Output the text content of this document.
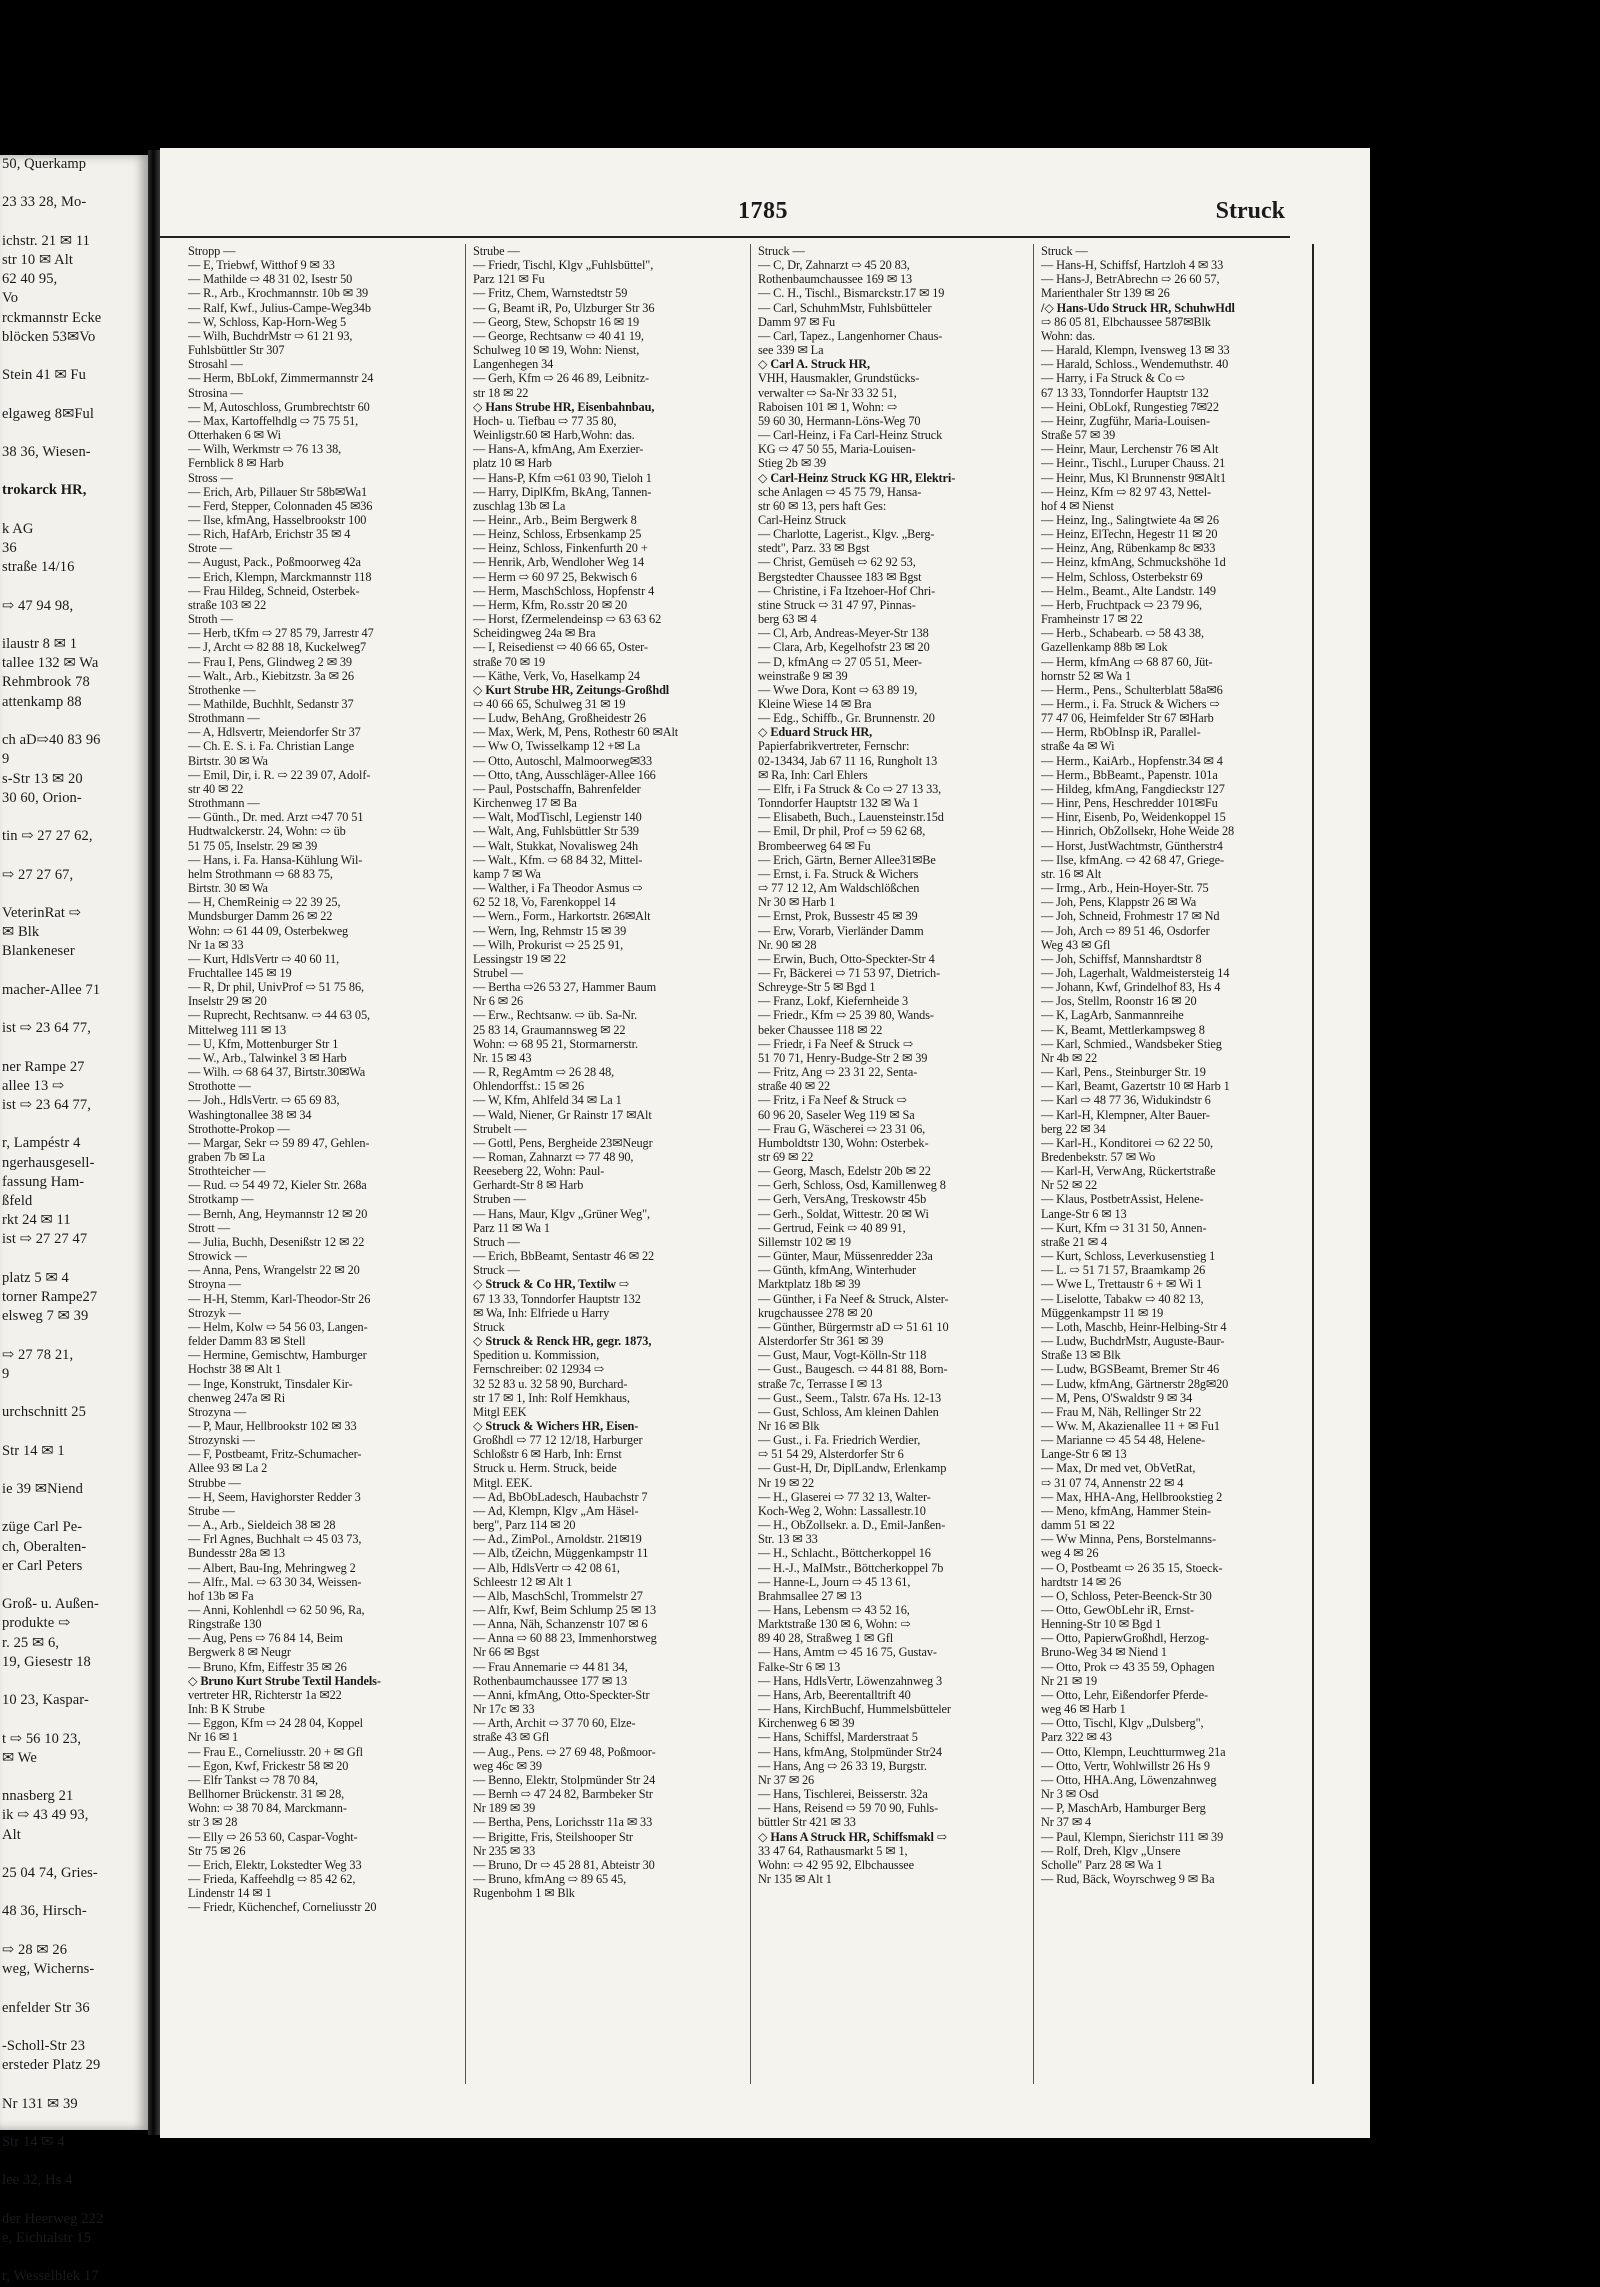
50, Querkamp

23 33 28, Mo-

ichstr. 21 ✉ 11
str 10 ✉ Alt
62 40 95,
Vo
rckmannstr Ecke
blöcken 53✉Vo

Stein 41 ✉ Fu

elgaweg 8✉Ful

38 36, Wiesen-

trokarck HR,

k AG
36
straße 14/16

⇨ 47 94 98,

ilaustr 8 ✉ 1
tallee 132 ✉ Wa
Rehmbrook 78
attenkamp 88

ch aD⇨40 83 96
9
s-Str 13 ✉ 20
30 60, Orion-

tin ⇨ 27 27 62,

⇨ 27 27 67,

VeterinRat ⇨
✉ Blk
Blankeneser

macher-Allee 71

ist ⇨ 23 64 77,

ner Rampe 27
allee 13 ⇨
ist ⇨ 23 64 77,

r, Lampéstr 4
ngerhausgesell-
fassung Ham-
ßfeld
rkt 24 ✉ 11
ist ⇨ 27 27 47

platz 5 ✉ 4
torner Rampe27
elsweg 7 ✉ 39

⇨ 27 78 21,
9

urchschnitt 25

Str 14 ✉ 1

ie 39 ✉Niend

züge Carl Pe-
ch, Oberalten-
er Carl Peters

Groß- u. Außen-
produkte ⇨
r. 25 ✉ 6,
19, Giesestr 18

10 23, Kaspar-

t ⇨ 56 10 23,
✉ We

nnasberg 21
ik ⇨ 43 49 93,
Alt

25 04 74, Gries-

48 36, Hirsch-

⇨ 28 ✉ 26
weg, Wicherns-

enfelder Str 36

-Scholl-Str 23
ersteder Platz 29

Nr 131 ✉ 39

Str 14 ✉ 4

lee 32, Hs 4

der Heerweg 222
e, Eichtalstr 15

r, Wesselblek 17
1785	Struck
Stropp —
— E, Triebwf, Witthof 9 ✉ 33
— Mathilde ⇨ 48 31 02, Isestr 50
— R., Arb., Krochmannstr. 10b ✉ 39
— Ralf, Kwf., Julius-Campe-Weg34b
— W, Schloss, Kap-Horn-Weg 5
— Wilh, BuchdrMstr ⇨ 61 21 93,
Fuhlsbüttler Str 307
Strosahl —
— Herm, BbLokf, Zimmermannstr 24
Strosina —
— M, Autoschloss, Grumbrechtstr 60
— Max, Kartoffelhdlg ⇨ 75 75 51,
Otterhaken 6 ✉ Wi
— Wilh, Werkmstr ⇨ 76 13 38,
Fernblick 8 ✉ Harb
Stross —
— Erich, Arb, Pillauer Str 58b✉Wa1
— Ferd, Stepper, Colonnaden 45 ✉36
— Ilse, kfmAng, Hasselbrookstr 100
— Rich, HafArb, Erichstr 35 ✉ 4
Strote —
— August, Pack., Poßmoorweg 42a
— Erich, Klempn, Marckmannstr 118
— Frau Hildeg, Schneid, Osterbek-
straße 103 ✉ 22
Stroth —
— Herb, tKfm ⇨ 27 85 79, Jarrestr 47
— J, Archt ⇨ 82 88 18, Kuckelweg7
— Frau I, Pens, Glindweg 2 ✉ 39
— Walt., Arb., Kiebitzstr. 3a ✉ 26
Strothenke —
— Mathilde, Buchhlt, Sedanstr 37
Strothmann —
— A, Hdlsvertr, Meiendorfer Str 37
— Ch. E. S. i. Fa. Christian Lange
Birtstr. 30 ✉ Wa
— Emil, Dir, i. R. ⇨ 22 39 07, Adolf-
str 40 ✉ 22
Strothmann —
— Günth., Dr. med. Arzt ⇨47 70 51
Hudtwalckerstr. 24, Wohn: ⇨ üb
51 75 05, Inselstr. 29 ✉ 39
— Hans, i. Fa. Hansa-Kühlung Wil-
helm Strothmann ⇨ 68 83 75,
Birtstr. 30 ✉ Wa
— H, ChemReinig ⇨ 22 39 25,
Mundsburger Damm 26 ✉ 22
Wohn: ⇨ 61 44 09, Osterbekweg
Nr 1a ✉ 33
— Kurt, HdlsVertr ⇨ 40 60 11,
Fruchtallee 145 ✉ 19
— R, Dr phil, UnivProf ⇨ 51 75 86,
Inselstr 29 ✉ 20
— Ruprecht, Rechtsanw. ⇨ 44 63 05,
Mittelweg 111 ✉ 13
— U, Kfm, Mottenburger Str 1
— W., Arb., Talwinkel 3 ✉ Harb
— Wilh. ⇨ 68 64 37, Birtstr.30✉Wa
Strothotte —
— Joh., HdlsVertr. ⇨ 65 69 83,
Washingtonallee 38 ✉ 34
Strothotte-Prokop —
— Margar, Sekr ⇨ 59 89 47, Gehlen-
graben 7b ✉ La
Strothteicher —
— Rud. ⇨ 54 49 72, Kieler Str. 268a
Strotkamp —
— Bernh, Ang, Heymannstr 12 ✉ 20
Strott —
— Julia, Buchh, Desenißstr 12 ✉ 22
Strowick —
— Anna, Pens, Wrangelstr 22 ✉ 20
Stroyna —
— H-H, Stemm, Karl-Theodor-Str 26
Strozyk —
— Helm, Kolw ⇨ 54 56 03, Langen-
felder Damm 83 ✉ Stell
— Hermine, Gemischtw, Hamburger
Hochstr 38 ✉ Alt 1
— Inge, Konstrukt, Tinsdaler Kir-
chenweg 247a ✉ Ri
Strozyna —
— P, Maur, Hellbrookstr 102 ✉ 33
Strozynski —
— F, Postbeamt, Fritz-Schumacher-
Allee 93 ✉ La 2
Strubbe —
— H, Seem, Havighorster Redder 3
Strube —
— A., Arb., Sieldeich 38 ✉ 28
— Frl Agnes, Buchhalt ⇨ 45 03 73,
Bundesstr 28a ✉ 13
— Albert, Bau-Ing, Mehringweg 2
— Alfr., Mal. ⇨ 63 30 34, Weissen-
hof 13b ✉ Fa
— Anni, Kohlenhdl ⇨ 62 50 96, Ra,
Ringstraße 130
— Aug, Pens ⇨ 76 84 14, Beim
Bergwerk 8 ✉ Neugr
— Bruno, Kfm, Eiffestr 35 ✉ 26
◇ Bruno Kurt Strube Textil Handels-
vertreter HR, Richterstr 1a ✉22
Inh: B K Strube
— Eggon, Kfm ⇨ 24 28 04, Koppel
Nr 16 ✉ 1
— Frau E., Corneliusstr. 20 + ✉ Gfl
— Egon, Kwf, Frickestr 58 ✉ 20
— Elfr Tankst ⇨ 78 70 84,
Bellhorner Brückenstr. 31 ✉ 28,
Wohn: ⇨ 38 70 84, Marckmann-
str 3 ✉ 28
— Elly ⇨ 26 53 60, Caspar-Voght-
Str 75 ✉ 26
— Erich, Elektr, Lokstedter Weg 33
— Frieda, Kaffeehdlg ⇨ 85 42 62,
Lindenstr 14 ✉ 1
— Friedr, Küchenchef, Corneliusstr 20
Strube —
— Friedr, Tischl, Klgv „Fuhlsbüttel",
Parz 121 ✉ Fu
— Fritz, Chem, Warnstedtstr 59
— G, Beamt iR, Po, Ulzburger Str 36
— Georg, Stew, Schopstr 16 ✉ 19
— George, Rechtsanw ⇨ 40 41 19,
Schulweg 10 ✉ 19, Wohn: Nienst,
Langenhegen 34
— Gerh, Kfm ⇨ 26 46 89, Leibnitz-
str 18 ✉ 22
◇ Hans Strube HR, Eisenbahnbau,
Hoch- u. Tiefbau ⇨ 77 35 80,
Weinligstr.60 ✉ Harb,Wohn: das.
— Hans-A, kfmAng, Am Exerzier-
platz 10 ✉ Harb
— Hans-P, Kfm ⇨61 03 90, Tieloh 1
— Harry, DiplKfm, BkAng, Tannen-
zuschlag 13b ✉ La
— Heinr., Arb., Beim Bergwerk 8
— Heinz, Schloss, Erbsenkamp 25
— Heinz, Schloss, Finkenfurth 20 +
— Henrik, Arb, Wendloher Weg 14
— Herm ⇨ 60 97 25, Bekwisch 6
— Herm, MaschSchloss, Hopfenstr 4
— Herm, Kfm, Ro.sstr 20 ✉ 20
— Horst, fZermelendeinsp ⇨ 63 63 62
Scheidingweg 24a ✉ Bra
— I, Reisedienst ⇨ 40 66 65, Oster-
straße 70 ✉ 19
— Käthe, Verk, Vo, Haselkamp 24
◇ Kurt Strube HR, Zeitungs-Großhdl
⇨ 40 66 65, Schulweg 31 ✉ 19
— Ludw, BehAng, Großheidestr 26
— Max, Werk, M, Pens, Rothestr 60 ✉Alt
— Ww O, Twisselkamp 12 +✉ La
— Otto, Autoschl, Malmoorweg✉33
— Otto, tAng, Ausschläger-Allee 166
— Paul, Postschaffn, Bahrenfelder
Kirchenweg 17 ✉ Ba
— Walt, ModTischl, Legienstr 140
— Walt, Ang, Fuhlsbüttler Str 539
— Walt, Stukkat, Novalisweg 24h
— Walt., Kfm. ⇨ 68 84 32, Mittel-
kamp 7 ✉ Wa
— Walther, i Fa Theodor Asmus ⇨
62 52 18, Vo, Farenkoppel 14
— Wern., Form., Harkortstr. 26✉Alt
— Wern, Ing, Rehmstr 15 ✉ 39
— Wilh, Prokurist ⇨ 25 25 91,
Lessingstr 19 ✉ 22
Strubel —
— Bertha ⇨26 53 27, Hammer Baum
Nr 6 ✉ 26
— Erw., Rechtsanw. ⇨ üb. Sa-Nr.
25 83 14, Graumannsweg ✉ 22
Wohn: ⇨ 68 95 21, Stormarnerstr.
Nr. 15 ✉ 43
— R, RegAmtm ⇨ 26 28 48,
Ohlendorffst.: 15 ✉ 26
— W, Kfm, Ahlfeld 34 ✉ La 1
— Wald, Niener, Gr Rainstr 17 ✉Alt
Strubelt —
— Gottl, Pens, Bergheide 23✉Neugr
— Roman, Zahnarzt ⇨ 77 48 90,
Reeseberg 22, Wohn: Paul-
Gerhardt-Str 8 ✉ Harb
Struben —
— Hans, Maur, Klgv „Grüner Weg",
Parz 11 ✉ Wa 1
Struch —
— Erich, BbBeamt, Sentastr 46 ✉ 22
Struck —
◇ Struck & Co HR, Textilw ⇨
67 13 33, Tonndorfer Hauptstr 132
✉ Wa, Inh: Elfriede u Harry
Struck
◇ Struck & Renck HR, gegr. 1873,
Spedition u. Kommission,
Fernschreiber: 02 12934 ⇨
32 52 83 u. 32 58 90, Burchard-
str 17 ✉ 1, Inh: Rolf Hemkhaus,
Mitgl EEK
◇ Struck & Wichers HR, Eisen-
Großhdl ⇨ 77 12 12/18, Harburger
Schloßstr 6 ✉ Harb, Inh: Ernst
Struck u. Herm. Struck, beide
Mitgl. EEK.
— Ad, BbObLadesch, Haubachstr 7
— Ad, Klempn, Klgv „Am Häsel-
berg", Parz 114 ✉ 20
— Ad., ZimPol., Arnoldstr. 21✉19
— Alb, tZeichn, Müggenkampstr 11
— Alb, HdlsVertr ⇨ 42 08 61,
Schleestr 12 ✉ Alt 1
— Alb, MaschSchl, Trommelstr 27
— Alfr, Kwf, Beim Schlump 25 ✉ 13
— Anna, Näh, Schanzenstr 107 ✉ 6
— Anna ⇨ 60 88 23, Immenhorstweg
Nr 66 ✉ Bgst
— Frau Annemarie ⇨ 44 81 34,
Rothenbaumchaussee 177 ✉ 13
— Anni, kfmAng, Otto-Speckter-Str
Nr 17c ✉ 33
— Arth, Archit ⇨ 37 70 60, Elze-
straße 43 ✉ Gfl
— Aug., Pens. ⇨ 27 69 48, Poßmoor-
weg 46c ✉ 39
— Benno, Elektr, Stolpmünder Str 24
— Bernh ⇨ 47 24 82, Barmbeker Str
Nr 189 ✉ 39
— Bertha, Pens, Lorichsstr 11a ✉ 33
— Brigitte, Fris, Steilshooper Str
Nr 235 ✉ 33
— Bruno, Dr ⇨ 45 28 81, Abteistr 30
— Bruno, kfmAng ⇨ 89 65 45,
Rugenbohm 1 ✉ Blk
Struck —
— C, Dr, Zahnarzt ⇨ 45 20 83,
Rothenbaumchaussee 169 ✉ 13
— C. H., Tischl., Bismarckstr.17 ✉ 19
— Carl, SchuhmMstr, Fuhlsbütteler
Damm 97 ✉ Fu
— Carl, Tapez., Langenhorner Chaus-
see 339 ✉ La
◇ Carl A. Struck HR,
VHH, Hausmakler, Grundstücks-
verwalter ⇨ Sa-Nr 33 32 51,
Raboisen 101 ✉ 1, Wohn: ⇨
59 60 30, Hermann-Löns-Weg 70
— Carl-Heinz, i Fa Carl-Heinz Struck
KG ⇨ 47 50 55, Maria-Louisen-
Stieg 2b ✉ 39
◇ Carl-Heinz Struck KG HR, Elektri-
sche Anlagen ⇨ 45 75 79, Hansa-
str 60 ✉ 13, pers haft Ges:
Carl-Heinz Struck
— Charlotte, Lagerist., Klgv. „Berg-
stedt", Parz. 33 ✉ Bgst
— Christ, Gemüseh ⇨ 62 92 53,
Bergstedter Chaussee 183 ✉ Bgst
— Christine, i Fa Itzehoer-Hof Chri-
stine Struck ⇨ 31 47 97, Pinnas-
berg 63 ✉ 4
— Cl, Arb, Andreas-Meyer-Str 138
— Clara, Arb, Kegelhofstr 23 ✉ 20
— D, kfmAng ⇨ 27 05 51, Meer-
weinstraße 9 ✉ 39
— Wwe Dora, Kont ⇨ 63 89 19,
Kleine Wiese 14 ✉ Bra
— Edg., Schiffb., Gr. Brunnenstr. 20
◇ Eduard Struck HR,
Papierfabrikvertreter, Fernschr:
02-13434, Jab 67 11 16, Rungholt 13
✉ Ra, Inh: Carl Ehlers
— Elfr, i Fa Struck & Co ⇨ 27 13 33,
Tonndorfer Hauptstr 132 ✉ Wa 1
— Elisabeth, Buch., Lauensteinstr.15d
— Emil, Dr phil, Prof ⇨ 59 62 68,
Brombeerweg 64 ✉ Fu
— Erich, Gärtn, Berner Allee31✉Be
— Ernst, i. Fa. Struck & Wichers
⇨ 77 12 12, Am Waldschlößchen
Nr 30 ✉ Harb 1
— Ernst, Prok, Bussestr 45 ✉ 39
— Erw, Vorarb, Vierländer Damm
Nr. 90 ✉ 28
— Erwin, Buch, Otto-Speckter-Str 4
— Fr, Bäckerei ⇨ 71 53 97, Dietrich-
Schreyge-Str 5 ✉ Bgd 1
— Franz, Lokf, Kiefernheide 3
— Friedr., Kfm ⇨ 25 39 80, Wands-
beker Chaussee 118 ✉ 22
— Friedr, i Fa Neef & Struck ⇨
51 70 71, Henry-Budge-Str 2 ✉ 39
— Fritz, Ang ⇨ 23 31 22, Senta-
straße 40 ✉ 22
— Fritz, i Fa Neef & Struck ⇨
60 96 20, Saseler Weg 119 ✉ Sa
— Frau G, Wäscherei ⇨ 23 31 06,
Humboldtstr 130, Wohn: Osterbek-
str 69 ✉ 22
— Georg, Masch, Edelstr 20b ✉ 22
— Gerh, Schloss, Osd, Kamillenweg 8
— Gerh, VersAng, Treskowstr 45b
— Gerh., Soldat, Wittestr. 20 ✉ Wi
— Gertrud, Feink ⇨ 40 89 91,
Sillemstr 102 ✉ 19
— Günter, Maur, Müssenredder 23a
— Günth, kfmAng, Winterhuder
Marktplatz 18b ✉ 39
— Günther, i Fa Neef & Struck, Alster-
krugchaussee 278 ✉ 20
— Günther, Bürgermstr aD ⇨ 51 61 10
Alsterdorfer Str 361 ✉ 39
— Gust, Maur, Vogt-Kölln-Str 118
— Gust., Baugesch. ⇨ 44 81 88, Born-
straße 7c, Terrasse I ✉ 13
— Gust., Seem., Talstr. 67a Hs. 12-13
— Gust, Schloss, Am kleinen Dahlen
Nr 16 ✉ Blk
— Gust., i. Fa. Friedrich Werdier,
⇨ 51 54 29, Alsterdorfer Str 6
— Gust-H, Dr, DiplLandw, Erlenkamp
Nr 19 ✉ 22
— H., Glaserei ⇨ 77 32 13, Walter-
Koch-Weg 2, Wohn: Lassallestr.10
— H., ObZollsekr. a. D., Emil-Janßen-
Str. 13 ✉ 33
— H., Schlacht., Böttcherkoppel 16
— H.-J., MaIMstr., Böttcherkoppel 7b
— Hanne-L, Journ ⇨ 45 13 61,
Brahmsallee 27 ✉ 13
— Hans, Lebensm ⇨ 43 52 16,
Marktstraße 130 ✉ 6, Wohn: ⇨
89 40 28, Straßweg 1 ✉ Gfl
— Hans, Amtm ⇨ 45 16 75, Gustav-
Falke-Str 6 ✉ 13
— Hans, HdlsVertr, Löwenzahnweg 3
— Hans, Arb, Beerentalltrift 40
— Hans, KirchBuchf, Hummelsbütteler
Kirchenweg 6 ✉ 39
— Hans, Schiffsl, Marderstraat 5
— Hans, kfmAng, Stolpmünder Str24
— Hans, Ang ⇨ 26 33 19, Burgstr.
Nr 37 ✉ 26
— Hans, Tischlerei, Beisserstr. 32a
— Hans, Reisend ⇨ 59 70 90, Fuhls-
büttler Str 421 ✉ 33
◇ Hans A Struck HR, Schiffsmakl ⇨
33 47 64, Rathausmarkt 5 ✉ 1,
Wohn: ⇨ 42 95 92, Elbchaussee
Nr 135 ✉ Alt 1
Struck —
— Hans-H, Schiffsf, Hartzloh 4 ✉ 33
— Hans-J, BetrAbrechn ⇨ 26 60 57,
Marienthaler Str 139 ✉ 26
/◇ Hans-Udo Struck HR, SchuhwHdl
⇨ 86 05 81, Elbchaussee 587✉Blk
Wohn: das.
— Harald, Klempn, Ivensweg 13 ✉ 33
— Harald, Schloss., Wendemuthstr. 40
— Harry, i Fa Struck & Co ⇨
67 13 33, Tonndorfer Hauptstr 132
— Heini, ObLokf, Rungestieg 7✉22
— Heinr, Zugführ, Maria-Louisen-
Straße 57 ✉ 39
— Heinr, Maur, Lerchenstr 76 ✉ Alt
— Heinr., Tischl., Luruper Chauss. 21
— Heinr, Mus, Kl Brunnenstr 9✉Alt1
— Heinz, Kfm ⇨ 82 97 43, Nettel-
hof 4 ✉ Nienst
— Heinz, Ing., Salingtwiete 4a ✉ 26
— Heinz, ElTechn, Hegestr 11 ✉ 20
— Heinz, Ang, Rübenkamp 8c ✉33
— Heinz, kfmAng, Schmuckshöhe 1d
— Helm, Schloss, Osterbekstr 69
— Helm., Beamt., Alte Landstr. 149
— Herb, Fruchtpack ⇨ 23 79 96,
Framheinstr 17 ✉ 22
— Herb., Schabearb. ⇨ 58 43 38,
Gazellenkamp 88b ✉ Lok
— Herm, kfmAng ⇨ 68 87 60, Jüt-
hornstr 52 ✉ Wa 1
— Herm., Pens., Schulterblatt 58a✉6
— Herm., i. Fa. Struck & Wichers ⇨
77 47 06, Heimfelder Str 67 ✉Harb
— Herm, RbObInsp iR, Parallel-
straße 4a ✉ Wi
— Herm., KaiArb., Hopfenstr.34 ✉ 4
— Herm., BbBeamt., Papenstr. 101a
— Hildeg, kfmAng, Fangdieckstr 127
— Hinr, Pens, Heschredder 101✉Fu
— Hinr, Eisenb, Po, Weidenkoppel 15
— Hinrich, ObZollsekr, Hohe Weide 28
— Horst, JustWachtmstr, Güntherstr4
— Ilse, kfmAng. ⇨ 42 68 47, Griege-
str. 16 ✉ Alt
— Irmg., Arb., Hein-Hoyer-Str. 75
— Joh, Pens, Klappstr 26 ✉ Wa
— Joh, Schneid, Frohmestr 17 ✉ Nd
— Joh, Arch ⇨ 89 51 46, Osdorfer
Weg 43 ✉ Gfl
— Joh, Schiffsf, Mannshardtstr 8
— Joh, Lagerhalt, Waldmeistersteig 14
— Johann, Kwf, Grindelhof 83, Hs 4
— Jos, Stellm, Roonstr 16 ✉ 20
— K, LagArb, Sanmannreihe
— K, Beamt, Mettlerkampsweg 8
— Karl, Schmied., Wandsbeker Stieg
Nr 4b ✉ 22
— Karl, Pens., Steinburger Str. 19
— Karl, Beamt, Gazertstr 10 ✉ Harb 1
— Karl ⇨ 48 77 36, Widukindstr 6
— Karl-H, Klempner, Alter Bauer-
berg 22 ✉ 34
— Karl-H., Konditorei ⇨ 62 22 50,
Bredenbekstr. 57 ✉ Wo
— Karl-H, VerwAng, Rückertstraße
Nr 52 ✉ 22
— Klaus, PostbetrAssist, Helene-
Lange-Str 6 ✉ 13
— Kurt, Kfm ⇨ 31 31 50, Annen-
straße 21 ✉ 4
— Kurt, Schloss, Leverkusenstieg 1
— L. ⇨ 51 71 57, Braamkamp 26
— Wwe L, Trettaustr 6 + ✉ Wi 1
— Liselotte, Tabakw ⇨ 40 82 13,
Müggenkampstr 11 ✉ 19
— Loth, Maschb, Heinr-Helbing-Str 4
— Ludw, BuchdrMstr, Auguste-Baur-
Straße 13 ✉ Blk
— Ludw, BGSBeamt, Bremer Str 46
— Ludw, kfmAng, Gärtnerstr 28g✉20
— M, Pens, O'Swaldstr 9 ✉ 34
— Frau M, Näh, Rellinger Str 22
— Ww. M, Akazienallee 11 + ✉ Fu1
— Marianne ⇨ 45 54 48, Helene-
Lange-Str 6 ✉ 13
— Max, Dr med vet, ObVetRat,
⇨ 31 07 74, Annenstr 22 ✉ 4
— Max, HHA-Ang, Hellbrookstieg 2
— Meno, kfmAng, Hammer Stein-
damm 51 ✉ 22
— Ww Minna, Pens, Borstelmanns-
weg 4 ✉ 26
— O, Postbeamt ⇨ 26 35 15, Stoeck-
hardtstr 14 ✉ 26
— O, Schloss, Peter-Beenck-Str 30
— Otto, GewObLehr iR, Ernst-
Henning-Str 10 ✉ Bgd 1
— Otto, PapierwGroßhdl, Herzog-
Bruno-Weg 34 ✉ Niend 1
— Otto, Prok ⇨ 43 35 59, Ophagen
Nr 21 ✉ 19
— Otto, Lehr, Eißendorfer Pferde-
weg 46 ✉ Harb 1
— Otto, Tischl, Klgv „Dulsberg",
Parz 322 ✉ 43
— Otto, Klempn, Leuchtturmweg 21a
— Otto, Vertr, Wohlwillstr 26 Hs 9
— Otto, HHA.Ang, Löwenzahnweg
Nr 3 ✉ Osd
— P, MaschArb, Hamburger Berg
Nr 37 ✉ 4
— Paul, Klempn, Sierichstr 111 ✉ 39
— Rolf, Dreh, Klgv „Unsere
Scholle" Parz 28 ✉ Wa 1
— Rud, Bäck, Woyrschweg 9 ✉ Ba
